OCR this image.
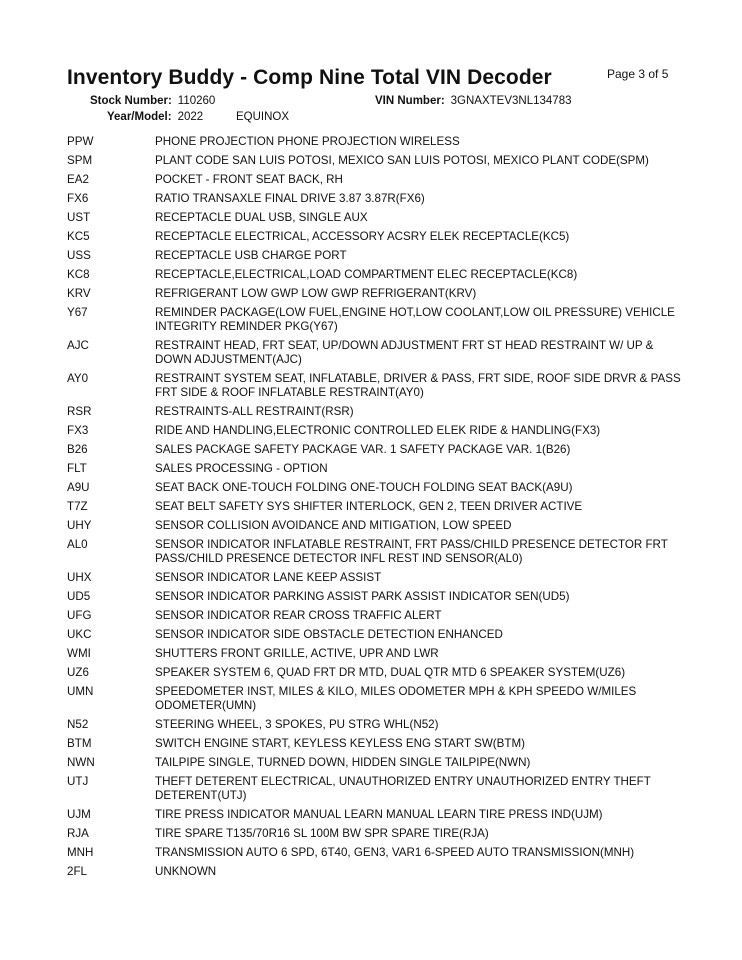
Inventory Buddy - Comp Nine Total VIN Decoder	Page 3 of 5
Stock Number: 110260
Year/Model: 2022	EQUINOX
VIN Number: 3GNAXTEV3NL134783
PPW	PHONE PROJECTION PHONE PROJECTION WIRELESS
SPM	PLANT CODE SAN LUIS POTOSI, MEXICO SAN LUIS POTOSI, MEXICO PLANT CODE(SPM)
EA2	POCKET - FRONT SEAT BACK, RH
FX6	RATIO TRANSAXLE FINAL DRIVE 3.87 3.87R(FX6)
UST	RECEPTACLE DUAL USB, SINGLE AUX
KC5	RECEPTACLE ELECTRICAL, ACCESSORY ACSRY ELEK RECEPTACLE(KC5)
USS	RECEPTACLE USB CHARGE PORT
KC8	RECEPTACLE,ELECTRICAL,LOAD COMPARTMENT ELEC RECEPTACLE(KC8)
KRV	REFRIGERANT LOW GWP LOW GWP REFRIGERANT(KRV)
Y67	REMINDER PACKAGE(LOW FUEL,ENGINE HOT,LOW COOLANT,LOW OIL PRESSURE) VEHICLE INTEGRITY REMINDER PKG(Y67)
AJC	RESTRAINT HEAD, FRT SEAT, UP/DOWN ADJUSTMENT FRT ST HEAD RESTRAINT W/ UP & DOWN ADJUSTMENT(AJC)
AY0	RESTRAINT SYSTEM SEAT, INFLATABLE, DRIVER & PASS, FRT SIDE, ROOF SIDE DRVR & PASS FRT SIDE & ROOF INFLATABLE RESTRAINT(AY0)
RSR	RESTRAINTS-ALL RESTRAINT(RSR)
FX3	RIDE AND HANDLING,ELECTRONIC CONTROLLED ELEK RIDE & HANDLING(FX3)
B26	SALES PACKAGE SAFETY PACKAGE VAR. 1 SAFETY PACKAGE VAR. 1(B26)
FLT	SALES PROCESSING - OPTION
A9U	SEAT BACK ONE-TOUCH FOLDING ONE-TOUCH FOLDING SEAT BACK(A9U)
T7Z	SEAT BELT SAFETY SYS SHIFTER INTERLOCK, GEN 2, TEEN DRIVER ACTIVE
UHY	SENSOR COLLISION AVOIDANCE AND MITIGATION, LOW SPEED
AL0	SENSOR INDICATOR INFLATABLE RESTRAINT, FRT PASS/CHILD PRESENCE DETECTOR FRT PASS/CHILD PRESENCE DETECTOR INFL REST IND SENSOR(AL0)
UHX	SENSOR INDICATOR LANE KEEP ASSIST
UD5	SENSOR INDICATOR PARKING ASSIST PARK ASSIST INDICATOR SEN(UD5)
UFG	SENSOR INDICATOR REAR CROSS TRAFFIC ALERT
UKC	SENSOR INDICATOR SIDE OBSTACLE DETECTION ENHANCED
WMI	SHUTTERS FRONT GRILLE, ACTIVE, UPR AND LWR
UZ6	SPEAKER SYSTEM 6, QUAD FRT DR MTD, DUAL QTR MTD 6 SPEAKER SYSTEM(UZ6)
UMN	SPEEDOMETER INST, MILES & KILO, MILES ODOMETER MPH & KPH SPEEDO W/MILES ODOMETER(UMN)
N52	STEERING WHEEL, 3 SPOKES, PU STRG WHL(N52)
BTM	SWITCH ENGINE START, KEYLESS KEYLESS ENG START SW(BTM)
NWN	TAILPIPE SINGLE, TURNED DOWN, HIDDEN SINGLE TAILPIPE(NWN)
UTJ	THEFT DETERENT ELECTRICAL, UNAUTHORIZED ENTRY UNAUTHORIZED ENTRY THEFT DETERENT(UTJ)
UJM	TIRE PRESS INDICATOR MANUAL LEARN MANUAL LEARN TIRE PRESS IND(UJM)
RJA	TIRE SPARE T135/70R16 SL 100M BW SPR SPARE TIRE(RJA)
MNH	TRANSMISSION AUTO 6 SPD, 6T40, GEN3, VAR1 6-SPEED AUTO TRANSMISSION(MNH)
2FL	UNKNOWN
